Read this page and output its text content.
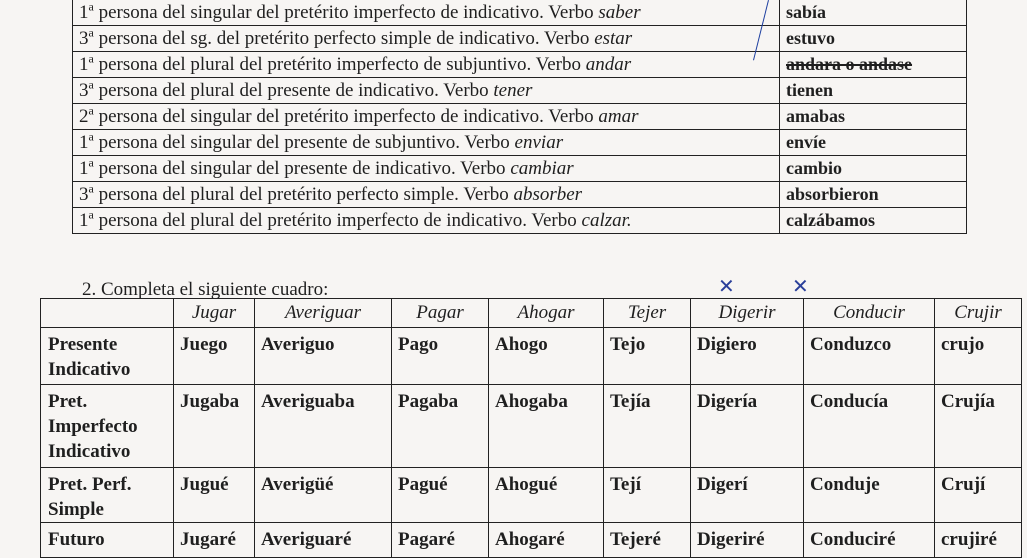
1$^a$ persona del singular del pretérito imperfecto de indicativo. Verbo saber	sabía
3$^a$ persona del sg. del pretérito perfecto simple de indicativo. Verbo estar	estuvo
1$^a$ persona del plural del pretérito imperfecto de subjuntivo. Verbo andar	andara o andase
3$^a$ persona del plural del presente de indicativo. Verbo tener	tienen
2$^a$ persona del singular del pretérito imperfecto de indicativo. Verbo amar	amabas
1$^a$ persona del singular del presente de subjuntivo. Verbo enviar	envíe
1$^a$ persona del singular del presente de indicativo. Verbo cambiar	cambio
3$^a$ persona del plural del pretérito perfecto simple. Verbo absorber	absorbieron
1$^a$ persona del plural del pretérito imperfecto de indicativo. Verbo calzar.	calzábamos
2. Completa el siguiente cuadro:	✕	✕
	Jugar	Averiguar	Pagar	Ahogar	Tejer	Digerir	Conducir	Crujir
Presente Indicativo	Juego	Averiguo	Pago	Ahogo	Tejo	Digiero	Conduzco	crujo
Pret. Imperfecto Indicativo	Jugaba	Averiguaba	Pagaba	Ahogaba	Tejía	Digería	Conducía	Crujía
Pret. Perf. Simple	Jugué	Averigüé	Pagué	Ahogué	Tejí	Digerí	Conduje	Crují
Futuro	Jugaré	Averiguaré	Pagaré	Ahogaré	Tejeré	Digeriré	Conduciré	crujiré
